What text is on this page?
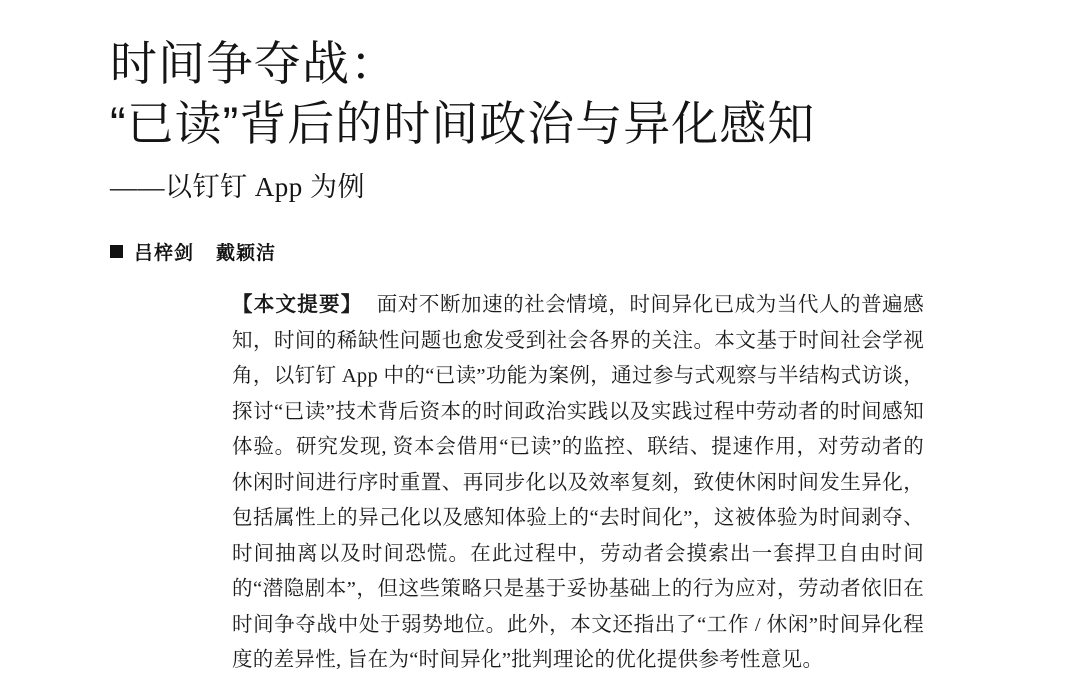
时间争夺战：
“已读”背后的时间政治与异化感知
——以钉钉 App 为例
吕梓剑 戴颖洁
【本文提要】 面对不断加速的社会情境，时间异化已成为当代人的普遍感知，时间的稀缺性问题也愈发受到社会各界的关注。本文基于时间社会学视角，以钉钉 App 中的“已读”功能为案例，通过参与式观察与半结构式访谈，探讨“已读”技术背后资本的时间政治实践以及实践过程中劳动者的时间感知体验。研究发现, 资本会借用“已读”的监控、联结、提速作用，对劳动者的休闲时间进行序时重置、再同步化以及效率复刻，致使休闲时间发生异化，包括属性上的异己化以及感知体验上的“去时间化”，这被体验为时间剥夺、时间抽离以及时间恐慌。在此过程中，劳动者会摸索出一套捍卫自由时间的“潜隐剧本”，但这些策略只是基于妥协基础上的行为应对，劳动者依旧在时间争夺战中处于弱势地位。此外，本文还指出了“工作 / 休闲”时间异化程度的差异性, 旨在为“时间异化”批判理论的优化提供参考性意见。
